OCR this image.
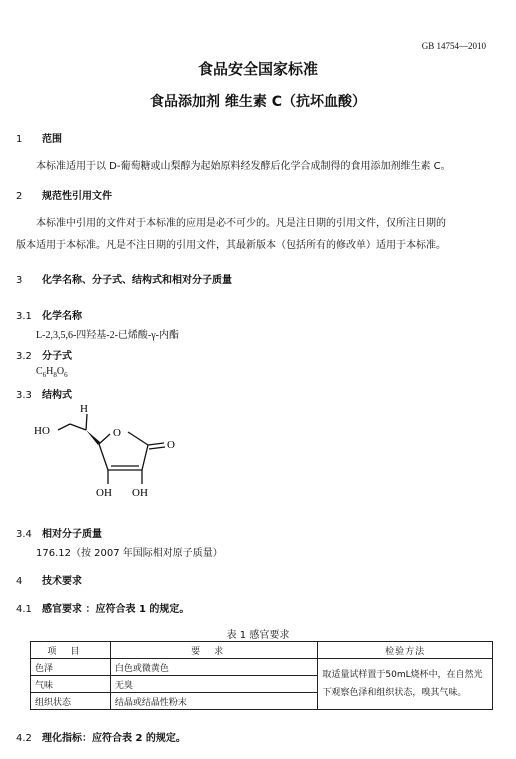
GB 14754—2010
食品安全国家标准
食品添加剂 维生素 C（抗坏血酸）
1 范围
本标准适用于以 D-葡萄糖或山梨醇为起始原料经发酵后化学合成制得的食用添加剂维生素 C。
2 规范性引用文件
本标准中引用的文件对于本标准的应用是必不可少的。凡是注日期的引用文件，仅所注日期的
版本适用于本标准。凡是不注日期的引用文件，其最新版本（包括所有的修改单）适用于本标准。
3 化学名称、分子式、结构式和相对分子质量
3.1 化学名称
L-2,3,5,6-四羟基-2-已烯酸-γ-内酯
3.2 分子式
$C_6H_8O_6$
3.3 结构式
H
HO	O
O
OH OH
3.4 相对分子质量
176.12（按 2007 年国际相对原子质量）
4 技术要求
4.1 感官要求 ：应符合表 1 的规定。
表 1 感官要求
项目	要求	检验方法
色泽	白色或微黄色	取适量试样置于50mL烧杯中，在自然光下观察色泽和组织状态，嗅其气味。
气味	无臭	
组织状态	结晶或结晶性粉末	
4.2 理化指标：应符合表 2 的规定。
